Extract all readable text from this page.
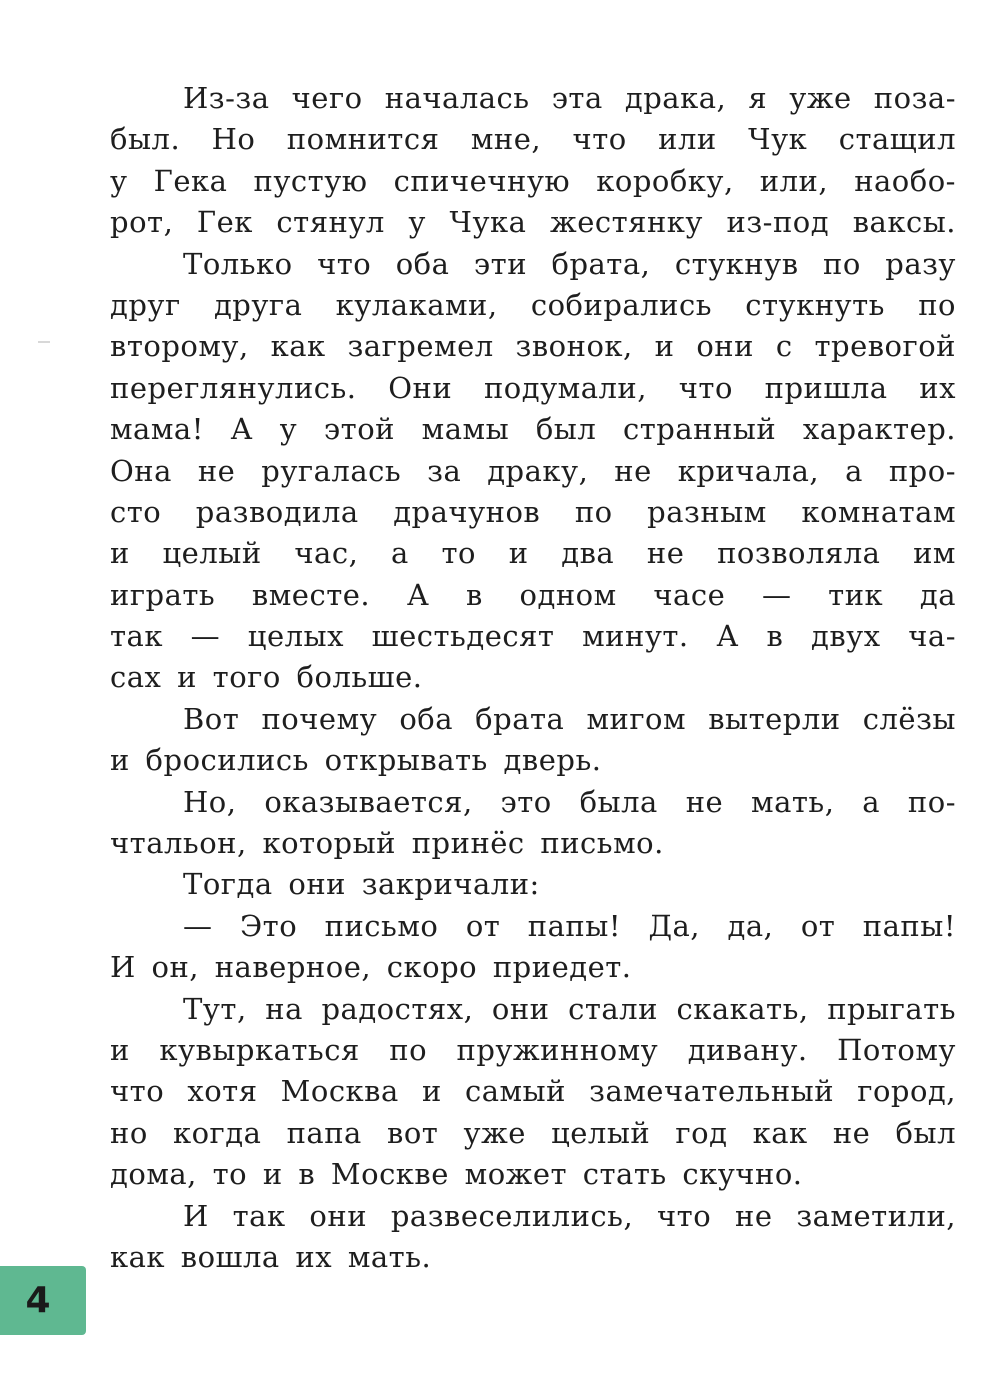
Из-за чего началась эта драка, я уже поза-
был. Но помнится мне, что или Чук стащил
у Гека пустую спичечную коробку, или, наобо-
рот, Гек стянул у Чука жестянку из-под ваксы.
Только что оба эти брата, стукнув по разу
друг друга кулаками, собирались стукнуть по
второму, как загремел звонок, и они с тревогой
переглянулись. Они подумали, что пришла их
мама! А у этой мамы был странный характер.
Она не ругалась за драку, не кричала, а про-
сто разводила драчунов по разным комнатам
и целый час, а то и два не позволяла им
играть вместе. А в одном часе — тик да
так — целых шестьдесят минут. А в двух ча-
сах и того больше.
Вот почему оба брата мигом вытерли слёзы
и бросились открывать дверь.
Но, оказывается, это была не мать, а по-
чтальон, который принёс письмо.
Тогда они закричали:
— Это письмо от папы! Да, да, от папы!
И он, наверное, скоро приедет.
Тут, на радостях, они стали скакать, прыгать
и кувыркаться по пружинному дивану. Потому
что хотя Москва и самый замечательный город,
но когда папа вот уже целый год как не был
дома, то и в Москве может стать скучно.
И так они развеселились, что не заметили,
как вошла их мать.
4
